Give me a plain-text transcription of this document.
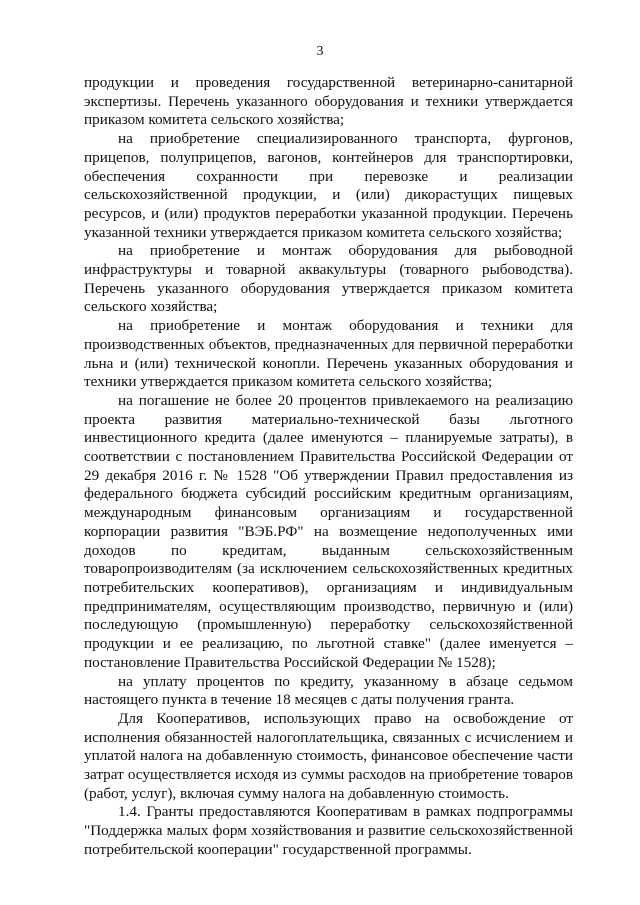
3

продукции и проведения государственной ветеринарно-санитарной экспертизы. Перечень указанного оборудования и техники утверждается приказом комитета сельского хозяйства;

на приобретение специализированного транспорта, фургонов, прицепов, полуприцепов, вагонов, контейнеров для транспортировки, обеспечения сохранности при перевозке и реализации сельскохозяйственной продукции, и (или) дикорастущих пищевых ресурсов, и (или) продуктов переработки указанной продукции. Перечень указанной техники утверждается приказом комитета сельского хозяйства;

на приобретение и монтаж оборудования для рыбоводной инфраструктуры и товарной аквакультуры (товарного рыбоводства). Перечень указанного оборудования утверждается приказом комитета сельского хозяйства;

на приобретение и монтаж оборудования и техники для производственных объектов, предназначенных для первичной переработки льна и (или) технической конопли. Перечень указанных оборудования и техники утверждается приказом комитета сельского хозяйства;

на погашение не более 20 процентов привлекаемого на реализацию проекта развития материально-технической базы льготного инвестиционного кредита (далее именуются – планируемые затраты), в соответствии с постановлением Правительства Российской Федерации от 29 декабря 2016 г. № 1528 "Об утверждении Правил предоставления из федерального бюджета субсидий российским кредитным организациям, международным финансовым организациям и государственной корпорации развития "ВЭБ.РФ" на возмещение недополученных ими доходов по кредитам, выданным сельскохозяйственным товаропроизводителям (за исключением сельскохозяйственных кредитных потребительских кооперативов), организациям и индивидуальным предпринимателям, осуществляющим производство, первичную и (или) последующую (промышленную) переработку сельскохозяйственной продукции и ее реализацию, по льготной ставке" (далее именуется – постановление Правительства Российской Федерации № 1528);

на уплату процентов по кредиту, указанному в абзаце седьмом настоящего пункта в течение 18 месяцев с даты получения гранта.

Для Кооперативов, использующих право на освобождение от исполнения обязанностей налогоплательщика, связанных с исчислением и уплатой налога на добавленную стоимость, финансовое обеспечение части затрат осуществляется исходя из суммы расходов на приобретение товаров (работ, услуг), включая сумму налога на добавленную стоимость.

1.4. Гранты предоставляются Кооперативам в рамках подпрограммы "Поддержка малых форм хозяйствования и развитие сельскохозяйственной потребительской кооперации" государственной программы.
